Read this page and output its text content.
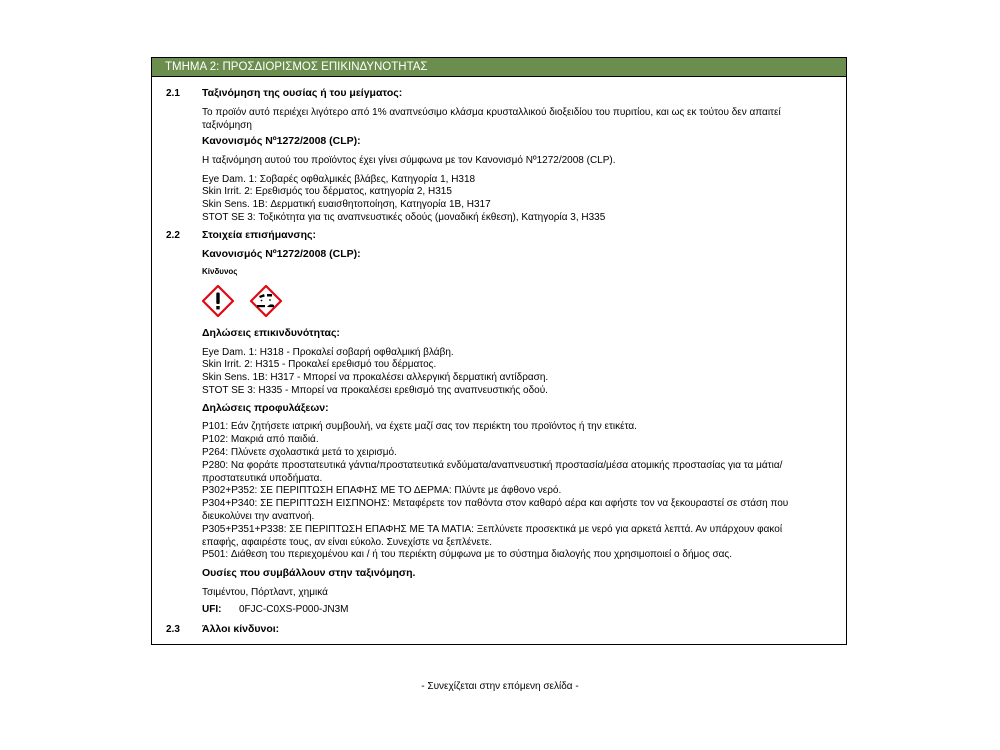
ΤΜΗΜΑ 2: ΠΡΟΣΔΙΟΡΙΣΜΟΣ ΕΠΙΚΙΝΔΥΝΟΤΗΤΑΣ
2.1 Ταξινόμηση της ουσίας ή του μείγματος:
Το προϊόν αυτό περιέχει λιγότερο από 1% αναπνεύσιμο κλάσμα κρυσταλλικού διοξειδίου του πυριτίου, και ως εκ τούτου δεν απαιτεί ταξινόμηση
Κανονισμός Nº1272/2008 (CLP):
Η ταξινόμηση αυτού του προϊόντος έχει γίνει σύμφωνα με τον Κανονισμό Nº1272/2008 (CLP).
Eye Dam. 1: Σοβαρές οφθαλμικές βλάβες, Κατηγορία 1, H318
Skin Irrit. 2: Ερεθισμός του δέρματος, κατηγορία 2, H315
Skin Sens. 1B: Δερματική ευαισθητοποίηση, Κατηγορία 1B, H317
STOT SE 3: Τοξικότητα για τις αναπνευστικές οδούς (μοναδική έκθεση), Κατηγορία 3, H335
2.2 Στοιχεία επισήμανσης:
Κανονισμός Nº1272/2008 (CLP):
Κίνδυνος
Δηλώσεις επικινδυνότητας:
Eye Dam. 1: H318 - Προκαλεί σοβαρή οφθαλμική βλάβη.
Skin Irrit. 2: H315 - Προκαλεί ερεθισμό του δέρματος.
Skin Sens. 1B: H317 - Μπορεί να προκαλέσει αλλεργική δερματική αντίδραση.
STOT SE 3: H335 - Μπορεί να προκαλέσει ερεθισμό της αναπνευστικής οδού.
Δηλώσεις προφυλάξεων:
P101: Εάν ζητήσετε ιατρική συμβουλή, να έχετε μαζί σας τον περιέκτη του προϊόντος ή την ετικέτα.
P102: Μακριά από παιδιά.
P264: Πλύνετε σχολαστικά μετά το χειρισμό.
P280: Να φοράτε προστατευτικά γάντια/προστατευτικά ενδύματα/αναπνευστική προστασία/μέσα ατομικής προστασίας για τα μάτια/προστατευτικά υποδήματα.
P302+P352: ΣΕ ΠΕΡΙΠΤΩΣΗ ΕΠΑΦΗΣ ΜΕ ΤΟ ΔΕΡΜΑ: Πλύντε με άφθονο νερό.
P304+P340: ΣΕ ΠΕΡΙΠΤΩΣΗ ΕΙΣΠΝΟΗΣ: Μεταφέρετε τον παθόντα στον καθαρό αέρα και αφήστε τον να ξεκουραστεί σε στάση που διευκολύνει την αναπνοή.
P305+P351+P338: ΣΕ ΠΕΡΙΠΤΩΣΗ ΕΠΑΦΗΣ ΜΕ ΤΑ ΜΑΤΙΑ: Ξεπλύνετε προσεκτικά με νερό για αρκετά λεπτά. Αν υπάρχουν φακοί επαφής, αφαιρέστε τους, αν είναι εύκολο. Συνεχίστε να ξεπλένετε.
P501: Διάθεση του περιεχομένου και / ή του περιέκτη σύμφωνα με το σύστημα διαλογής που χρησιμοποιεί ο δήμος σας.
Ουσίες που συμβάλλουν στην ταξινόμηση.
Τσιμέντου, Πόρτλαντ, χημικά
UFI: 0FJC-C0XS-P000-JN3M
2.3 Άλλοι κίνδυνοι:
- Συνεχίζεται στην επόμενη σελίδα -
